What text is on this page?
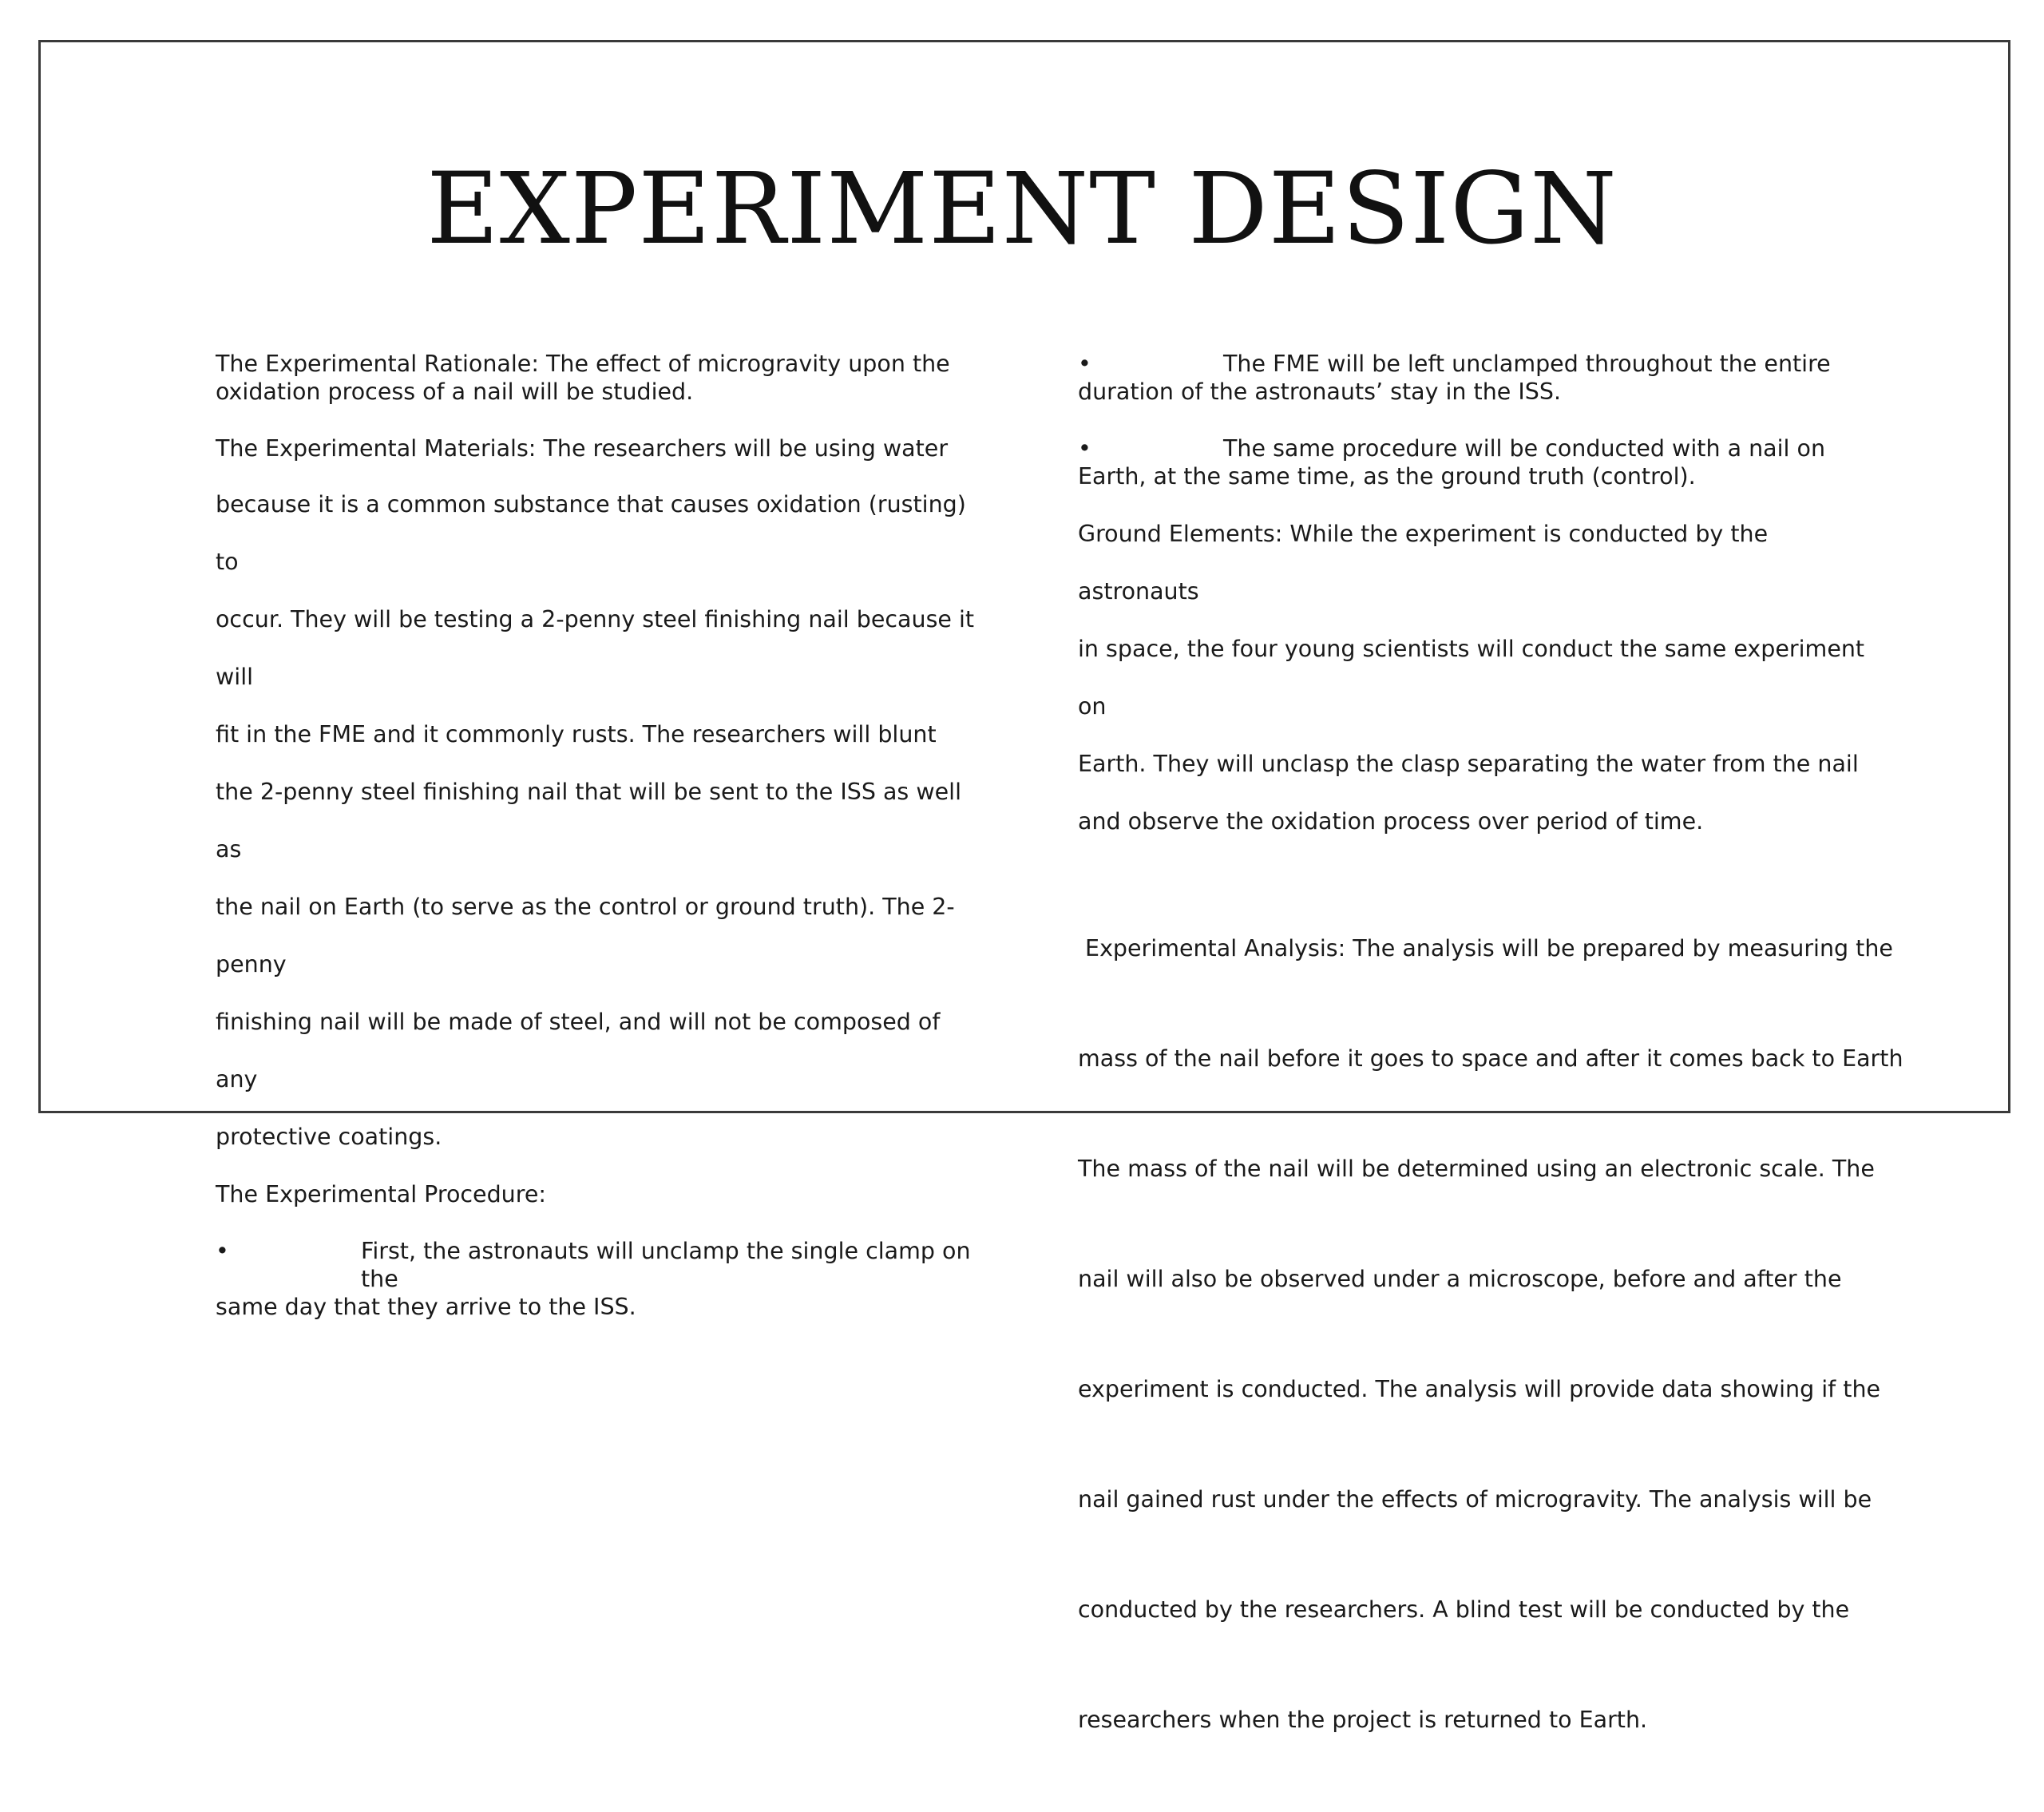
EXPERIMENT DESIGN

The Experimental Rationale: The effect of microgravity upon the oxidation process of a nail will be studied.

The Experimental Materials: The researchers will be using water

because it is a common substance that causes oxidation (rusting) to

occur. They will be testing a 2-penny steel finishing nail because it will

fit in the FME and it commonly rusts. The researchers will blunt

the 2-penny steel finishing nail that will be sent to the ISS as well as

the nail on Earth (to serve as the control or ground truth). The 2-penny

finishing nail will be made of steel, and will not be composed of any

protective coatings.

The Experimental Procedure:

•	First, the astronauts will unclamp the single clamp on the

same day that they arrive to the ISS.

•	The FME will be left unclamped throughout the entire

duration of the astronauts’ stay in the ISS.

•	The same procedure will be conducted with a nail on

Earth, at the same time, as the ground truth (control).

Ground Elements: While the experiment is conducted by the astronauts

in space, the four young scientists will conduct the same experiment on

Earth. They will unclasp the clasp separating the water from the nail

and observe the oxidation process over period of time.

Experimental Analysis: The analysis will be prepared by measuring the

mass of the nail before it goes to space and after it comes back to Earth

The mass of the nail will be determined using an electronic scale. The

nail will also be observed under a microscope, before and after the

experiment is conducted. The analysis will provide data showing if the

nail gained rust under the effects of microgravity. The analysis will be

conducted by the researchers. A blind test will be conducted by the

researchers when the project is returned to Earth.
